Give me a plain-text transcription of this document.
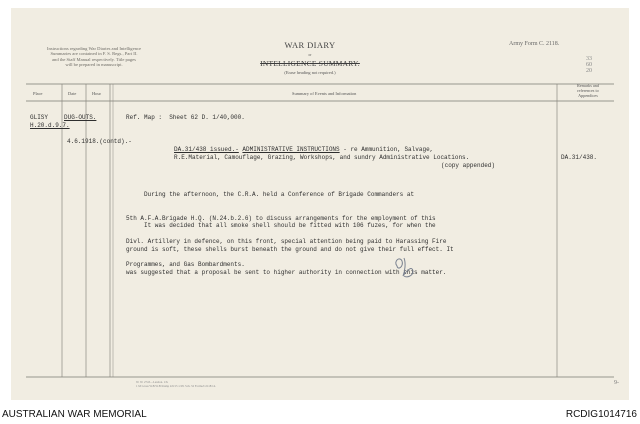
Instructions regarding War Diaries and Intelligence
Summaries are contained in F. S. Regs., Part II.
and the Staff Manual respectively. Title pages
will be prepared in manuscript.
WAR DIARY
or
INTELLIGENCE SUMMARY.
(Erase heading not required.)
Army Form C. 2118.
33
60
20
Place	Date	Hour	Summary of Events and Information
Remarks and
references to
Appendices
GLISY	DUG-OUTS.
H.20.d.9.7.
Ref. Map :  Sheet 62 D. 1/40,000.
4.6.1918.(contd).-
DA.31/438 issued.- ADMINISTRATIVE INSTRUCTIONS - re Ammunition, Salvage,
R.E.Material, Camouflage, Grazing, Workshops, and sundry Administrative Locations.
(copy appended)
DA.31/438.

During the afternoon, the C.R.A. held a Conference of Brigade Commanders at

5th A.F.A.Brigade H.Q. (N.24.b.2.6) to discuss arrangements for the employment of this

Divl. Artillery in defence, on this front, special attention being paid to Harassing Fire

Programmes, and Gas Bombardments.

It was decided that all smoke shell should be fitted with 106 fuzes, for when the

ground is soft, these shells burst beneath the ground and do not give their full effect. It

was suggested that a proposal be sent to higher authority in connection with this matter.

W. W. 2743—Landon. 1/6.
1 M Gross W.B.W.B.Stamp 4/6/15 1/28. Sch. 52 Forms/C2118/14.	9-
AUSTRALIAN WAR MEMORIAL	RCDIG1014716
